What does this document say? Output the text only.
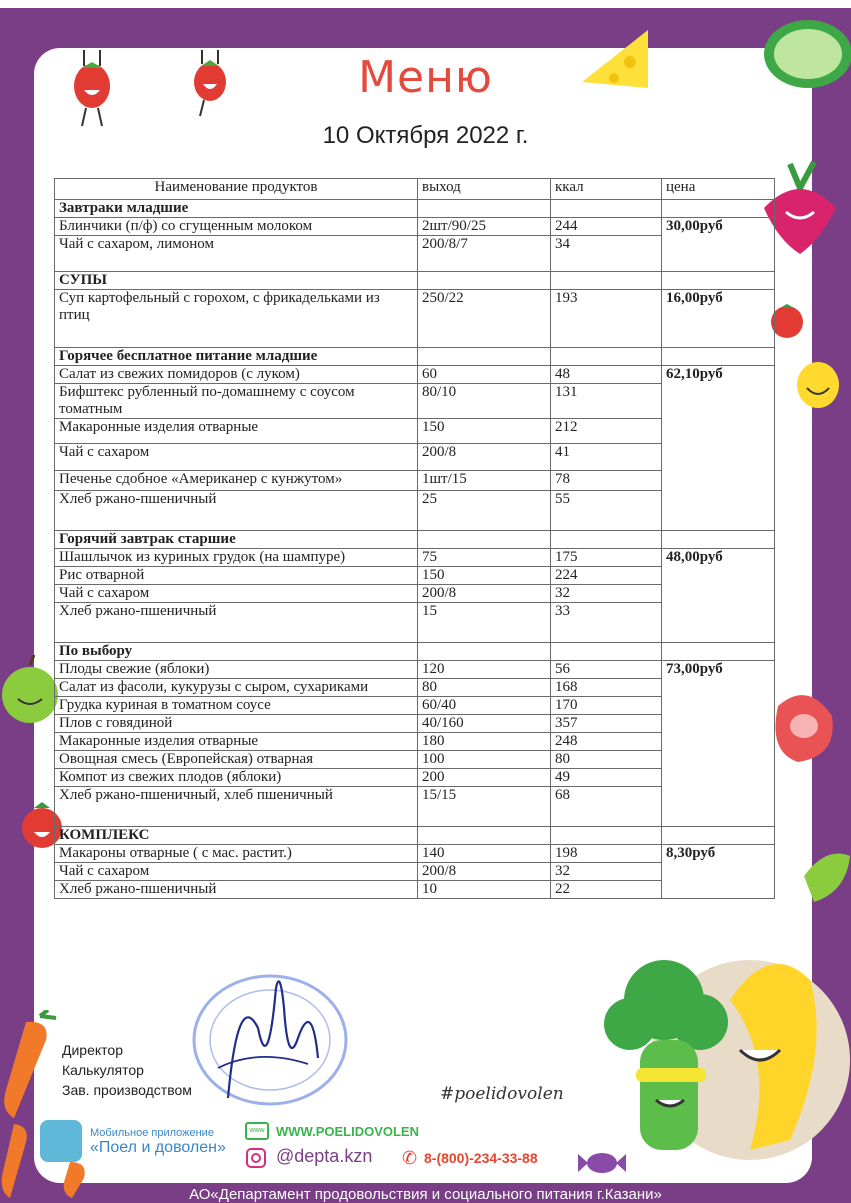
Меню
10 Октября 2022 г.
Наименование продуктов	выход	ккал	цена
Завтраки младшие			
Блинчики (п/ф) со сгущенным молоком	2шт/90/25	244	30,00руб
Чай с сахаром, лимоном	200/8/7	34	
СУПЫ			
Суп картофельный с горохом, с фрикадельками из птиц	250/22	193	16,00руб
Горячее бесплатное питание младшие			
Салат из свежих помидоров (с луком)	60	48	62,10руб
Бифштекс рубленный по-домашнему с соусом томатным	80/10	131	
Макаронные изделия отварные	150	212	
Чай с сахаром	200/8	41	
Печенье сдобное «Американер с кунжутом»	1шт/15	78	
Хлеб ржано-пшеничный	25	55	
Горячий завтрак старшие			
Шашлычок из куриных грудок (на шампуре)	75	175	48,00руб
Рис отварной	150	224	
Чай с сахаром	200/8	32	
Хлеб ржано-пшеничный	15	33	
По выбору			
Плоды свежие (яблоки)	120	56	73,00руб
Салат из фасоли, кукурузы с сыром, сухариками	80	168	
Грудка куриная в томатном соусе	60/40	170	
Плов с говядиной	40/160	357	
Макаронные изделия отварные	180	248	
Овощная смесь (Европейская) отварная	100	80	
Компот из свежих плодов (яблоки)	200	49	
Хлеб ржано-пшеничный, хлеб пшеничный	15/15	68	
КОМПЛЕКС			
Макароны отварные ( с мас. растит.)	140	198	8,30руб
Чай с сахаром	200/8	32	
Хлеб ржано-пшеничный	10	22	
Директор
Калькулятор
Зав. производством	#poelidovolen
Мобильное приложение
«Поел и доволен»
www WWW.POELIDOVOLEN
@depta.kzn ✆ 8-(800)-234-33-88
АО«Департамент продовольствия и социального питания г.Казани»
